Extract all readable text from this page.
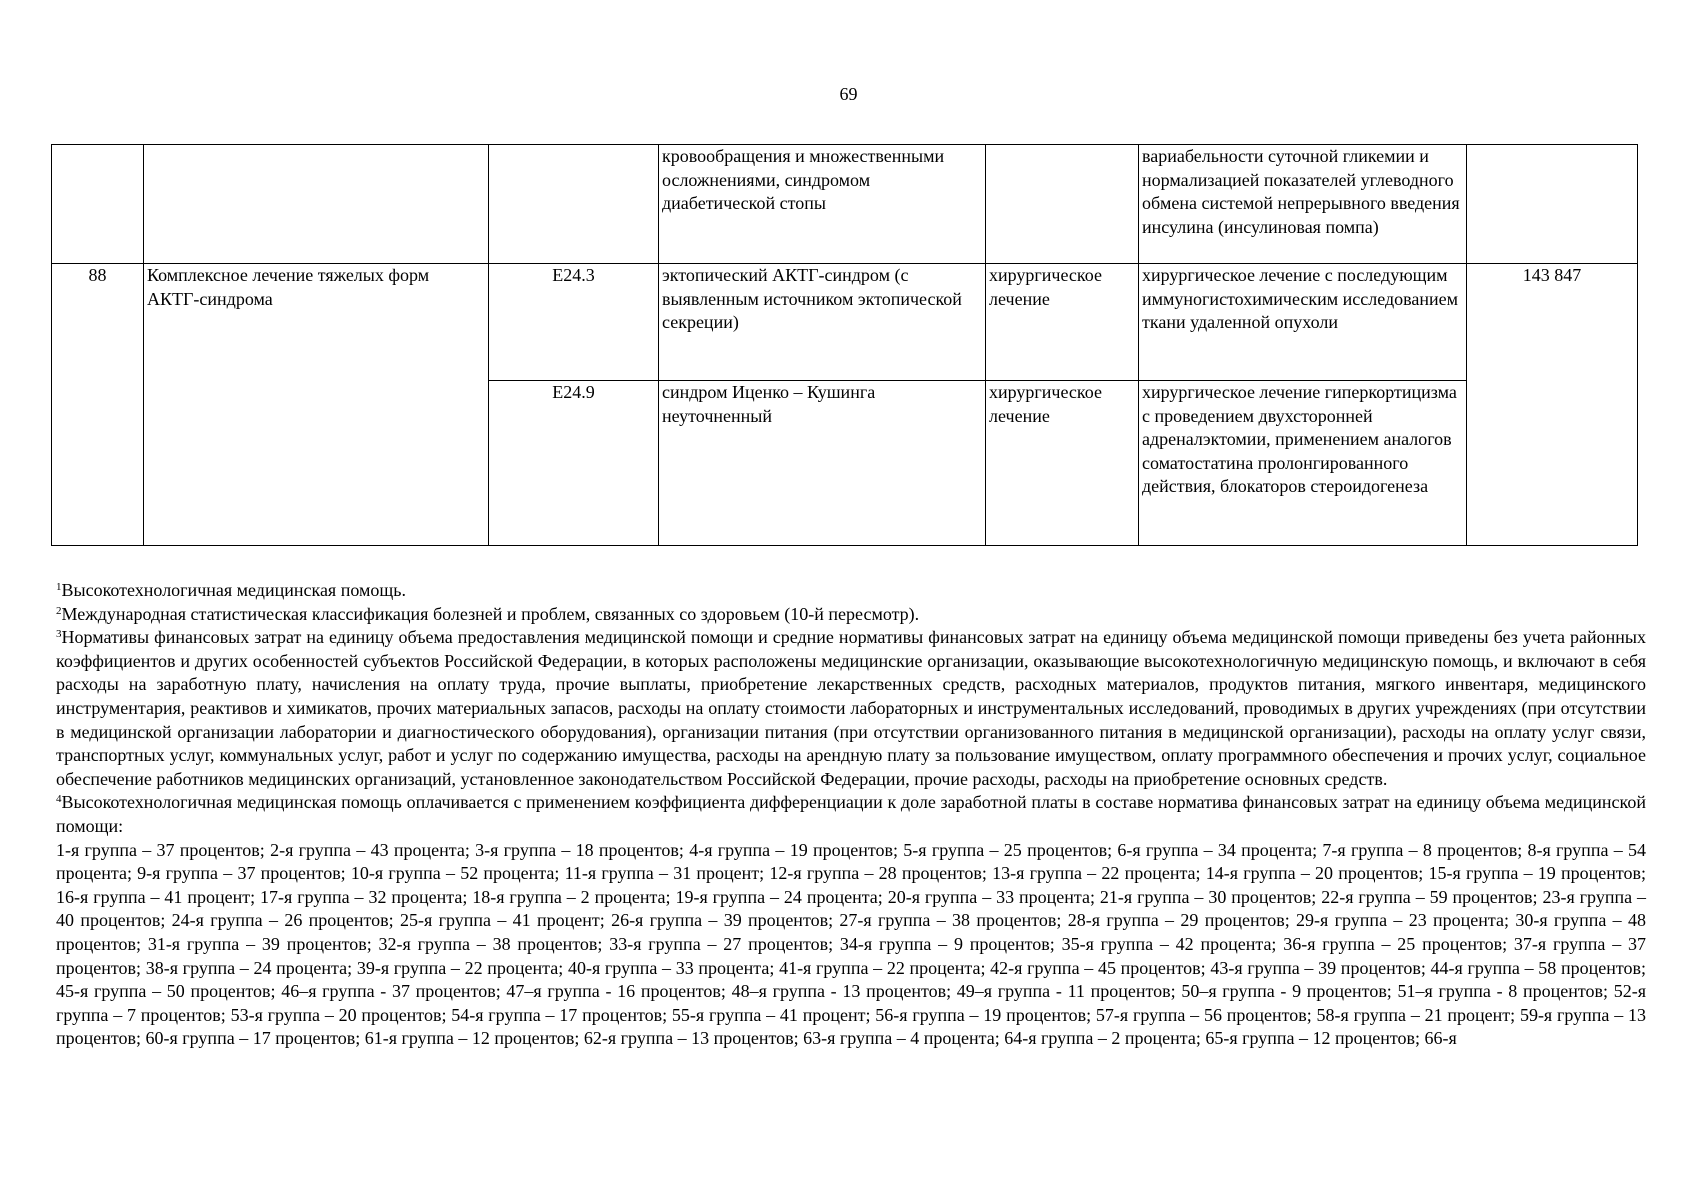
69
			кровообращения и множественными осложнениями, синдромом диабетической стопы		вариабельности суточной гликемии и нормализацией показателей углеводного обмена системой непрерывного введения инсулина (инсулиновая помпа)	
88	Комплексное лечение тяжелых форм АКТГ-синдрома	E24.3	эктопический АКТГ-синдром (с выявленным источником эктопической секреции)	хирургическое лечение	хирургическое лечение с последующим иммуногистохимическим исследованием ткани удаленной опухоли	143 847
		E24.9	синдром Иценко – Кушинга неуточненный	хирургическое лечение	хирургическое лечение гиперкортицизма с проведением двухсторонней адреналэктомии, применением аналогов соматостатина пролонгированного действия, блокаторов стероидогенеза	

$^1$Высокотехнологичная медицинская помощь.

$^2$Международная статистическая классификация болезней и проблем, связанных со здоровьем (10-й пересмотр).

$^3$Нормативы финансовых затрат на единицу объема предоставления медицинской помощи и средние нормативы финансовых затрат на единицу объема медицинской помощи приведены без учета районных коэффициентов и других особенностей субъектов Российской Федерации, в которых расположены медицинские организации, оказывающие высокотехнологичную медицинскую помощь, и включают в себя расходы на заработную плату, начисления на оплату труда, прочие выплаты, приобретение лекарственных средств, расходных материалов, продуктов питания, мягкого инвентаря, медицинского инструментария, реактивов и химикатов, прочих материальных запасов, расходы на оплату стоимости лабораторных и инструментальных исследований, проводимых в других учреждениях (при отсутствии в медицинской организации лаборатории и диагностического оборудования), организации питания (при отсутствии организованного питания в медицинской организации), расходы на оплату услуг связи, транспортных услуг, коммунальных услуг, работ и услуг по содержанию имущества, расходы на арендную плату за пользование имуществом, оплату программного обеспечения и прочих услуг, социальное обеспечение работников медицинских организаций, установленное законодательством Российской Федерации, прочие расходы, расходы на приобретение основных средств.

$^4$Высокотехнологичная медицинская помощь оплачивается с применением коэффициента дифференциации к доле заработной платы в составе норматива финансовых затрат на единицу объема медицинской помощи:

1-я группа – 37 процентов; 2-я группа – 43 процента; 3-я группа – 18 процентов; 4-я группа – 19 процентов; 5-я группа – 25 процентов; 6-я группа – 34 процента; 7-я группа – 8 процентов; 8-я группа – 54 процента; 9-я группа – 37 процентов; 10-я группа – 52 процента; 11-я группа – 31 процент; 12-я группа – 28 процентов; 13-я группа – 22 процента; 14-я группа – 20 процентов; 15-я группа – 19 процентов; 16-я группа – 41 процент; 17-я группа – 32 процента; 18-я группа – 2 процента; 19-я группа – 24 процента; 20-я группа – 33 процента; 21-я группа – 30 процентов; 22-я группа – 59 процентов; 23-я группа – 40 процентов; 24-я группа – 26 процентов; 25-я группа – 41 процент; 26-я группа – 39 процентов; 27-я группа – 38 процентов; 28-я группа – 29 процентов; 29-я группа – 23 процента; 30-я группа – 48 процентов; 31-я группа – 39 процентов; 32-я группа – 38 процентов; 33-я группа – 27 процентов; 34-я группа – 9 процентов; 35-я группа – 42 процента; 36-я группа – 25 процентов; 37-я группа – 37 процентов; 38-я группа – 24 процента; 39-я группа – 22 процента; 40-я группа – 33 процента; 41-я группа – 22 процента; 42-я группа – 45 процентов; 43-я группа – 39 процентов; 44-я группа – 58 процентов; 45-я группа – 50 процентов; 46–я группа - 37 процентов; 47–я группа - 16 процентов; 48–я группа - 13 процентов; 49–я группа - 11 процентов; 50–я группа - 9 процентов; 51–я группа - 8 процентов; 52-я группа – 7 процентов; 53-я группа – 20 процентов; 54-я группа – 17 процентов; 55-я группа – 41 процент; 56-я группа – 19 процентов; 57-я группа – 56 процентов; 58-я группа – 21 процент; 59-я группа – 13 процентов; 60-я группа – 17 процентов; 61-я группа – 12 процентов; 62-я группа – 13 процентов; 63-я группа – 4 процента; 64-я группа – 2 процента; 65-я группа – 12 процентов; 66-я
